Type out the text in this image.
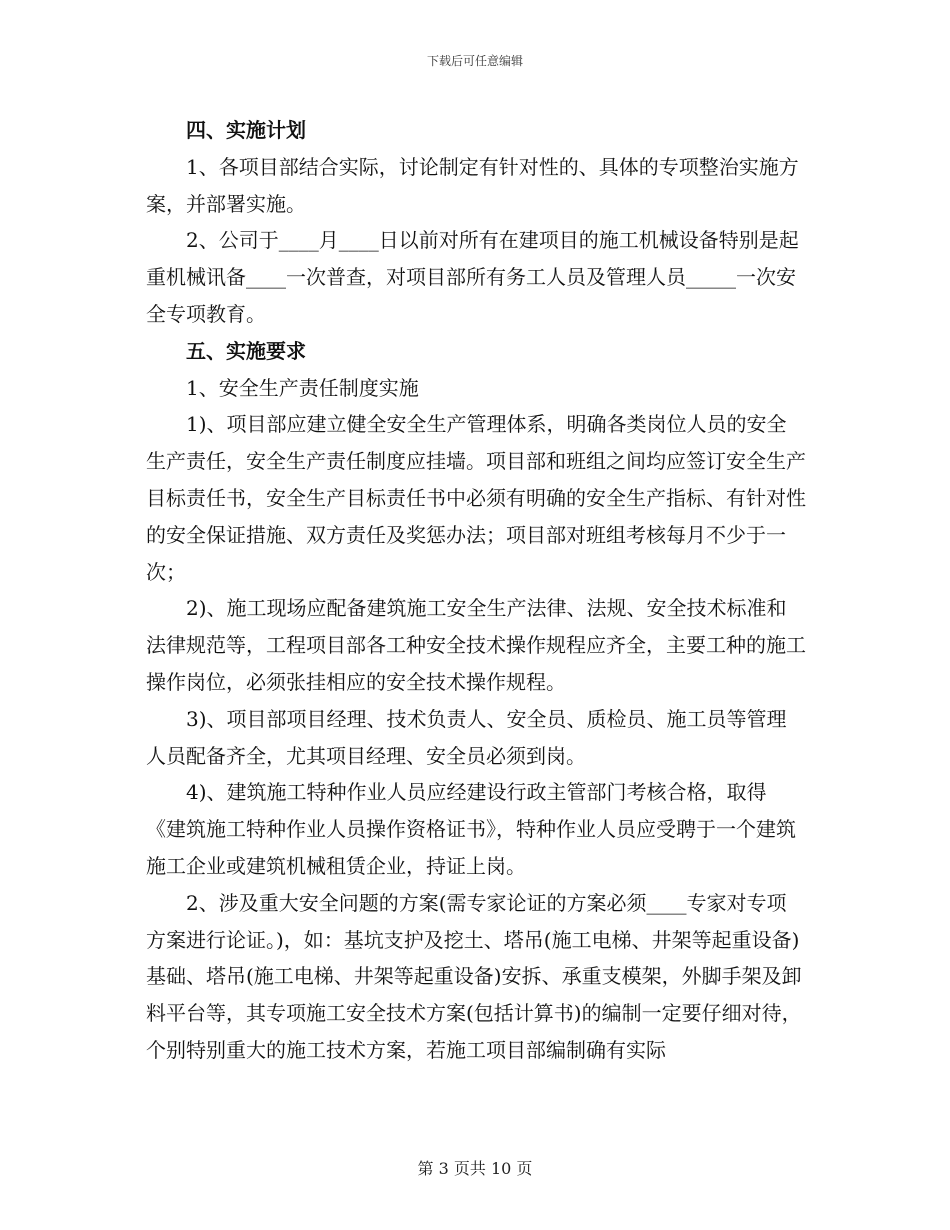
下载后可任意编辑

四、实施计划

1、各项目部结合实际，讨论制定有针对性的、具体的专项整治实施方案，并部署实施。

2、公司于____月____日以前对所有在建项目的施工机械设备特别是起重机械讯备____一次普查，对项目部所有务工人员及管理人员_____一次安全专项教育。

五、实施要求

1、安全生产责任制度实施

1)、项目部应建立健全安全生产管理体系，明确各类岗位人员的安全生产责任，安全生产责任制度应挂墙。项目部和班组之间均应签订安全生产目标责任书，安全生产目标责任书中必须有明确的安全生产指标、有针对性的安全保证措施、双方责任及奖惩办法；项目部对班组考核每月不少于一次；

2)、施工现场应配备建筑施工安全生产法律、法规、安全技术标准和法律规范等，工程项目部各工种安全技术操作规程应齐全，主要工种的施工操作岗位，必须张挂相应的安全技术操作规程。

3)、项目部项目经理、技术负责人、安全员、质检员、施工员等管理人员配备齐全，尤其项目经理、安全员必须到岗。

4)、建筑施工特种作业人员应经建设行政主管部门考核合格，取得《建筑施工特种作业人员操作资格证书》，特种作业人员应受聘于一个建筑施工企业或建筑机械租赁企业，持证上岗。

2、涉及重大安全问题的方案(需专家论证的方案必须____专家对专项方案进行论证。)，如：基坑支护及挖土、塔吊(施工电梯、井架等起重设备)基础、塔吊(施工电梯、井架等起重设备)安拆、承重支模架，外脚手架及卸料平台等，其专项施工安全技术方案(包括计算书)的编制一定要仔细对待，个别特别重大的施工技术方案，若施工项目部编制确有实际

第 3 页共 10 页
